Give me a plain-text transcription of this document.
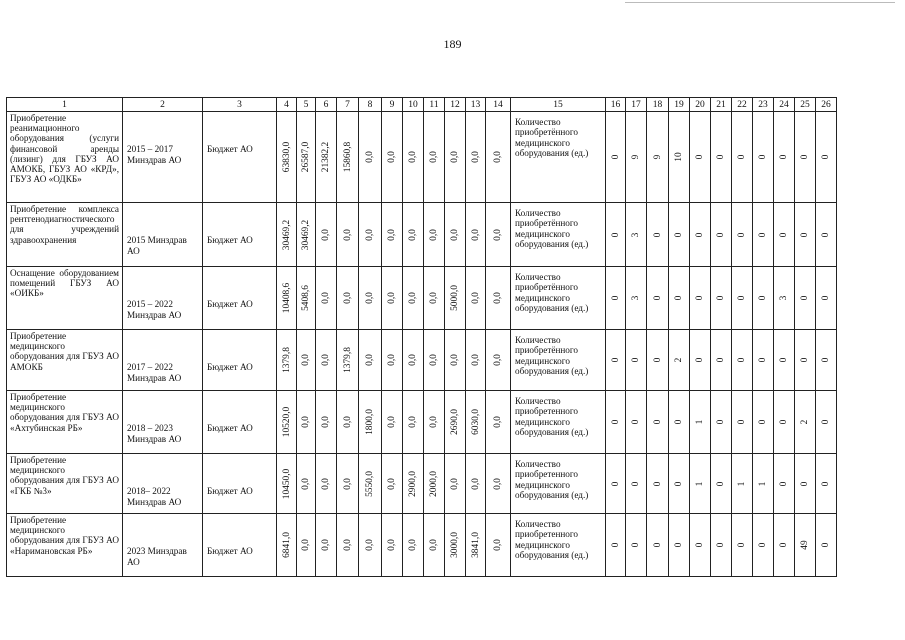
189
1	2	3	4	5	6	7	8	9	10	11	12	13	14	15	16	17	18	19	20	21	22	23	24	25	26
Приобретение реанимационного оборудования (услуги финансовой аренды (лизинг) для ГБУЗ АО АМОКБ, ГБУЗ АО «КРД», ГБУЗ АО «ОДКБ»	2015 – 2017 Минздрав АО	Бюджет АО	63830,0	26587,0	21382,2	15860,8	0,0	0,0	0,0	0,0	0,0	0,0	0,0	Количество приобретённого медицинского оборудования (ед.)	0	9	9	10	0	0	0	0	0	0	0

Приобретение комплекса рентгенодиагностического для учреждений здравоохранения	2015 Минздрав АО	Бюджет АО	30469,2	30469,2	0,0	0,0	0,0	0,0	0,0	0,0	0,0	0,0	0,0	Количество приобретённого медицинского оборудования (ед.)	0	3	0	0	0	0	0	0	0	0	0

Оснащение оборудованием помещений ГБУЗ АО «ОИКБ»	2015 – 2022 Минздрав АО	Бюджет АО	10408,6	5408,6	0,0	0,0	0,0	0,0	0,0	0,0	5000,0	0,0	0,0	Количество приобретённого медицинского оборудования (ед.)	0	3	0	0	0	0	0	0	3	0	0

Приобретение медицинского оборудования для ГБУЗ АО АМОКБ	2017 – 2022 Минздрав АО	Бюджет АО	1379,8	0,0	0,0	1379,8	0,0	0,0	0,0	0,0	0,0	0,0	0,0	Количество приобретённого медицинского оборудования (ед.)	0	0	0	2	0	0	0	0	0	0	0

Приобретение медицинского оборудования для ГБУЗ АО «Ахтубинская РБ»	2018 – 2023 Минздрав АО	Бюджет АО	10520,0	0,0	0,0	0,0	1800,0	0,0	0,0	0,0	2690,0	6030,0	0,0	Количество приобретенного медицинского оборудования (ед.)	0	0	0	0	1	0	0	0	0	2	0

Приобретение медицинского оборудования для ГБУЗ АО «ГКБ №3»	2018– 2022 Минздрав АО	Бюджет АО	10450,0	0,0	0,0	0,0	5550,0	0,0	2900,0	2000,0	0,0	0,0	0,0	Количество приобретенного медицинского оборудования (ед.)	0	0	0	0	1	0	1	1	0	0	0

Приобретение медицинского оборудования для ГБУЗ АО «Наримановская РБ»	2023 Минздрав АО	Бюджет АО	6841,0	0,0	0,0	0,0	0,0	0,0	0,0	0,0	3000,0	3841,0	0,0	Количество приобретенного медицинского оборудования (ед.)	0	0	0	0	0	0	0	0	0	49	0
